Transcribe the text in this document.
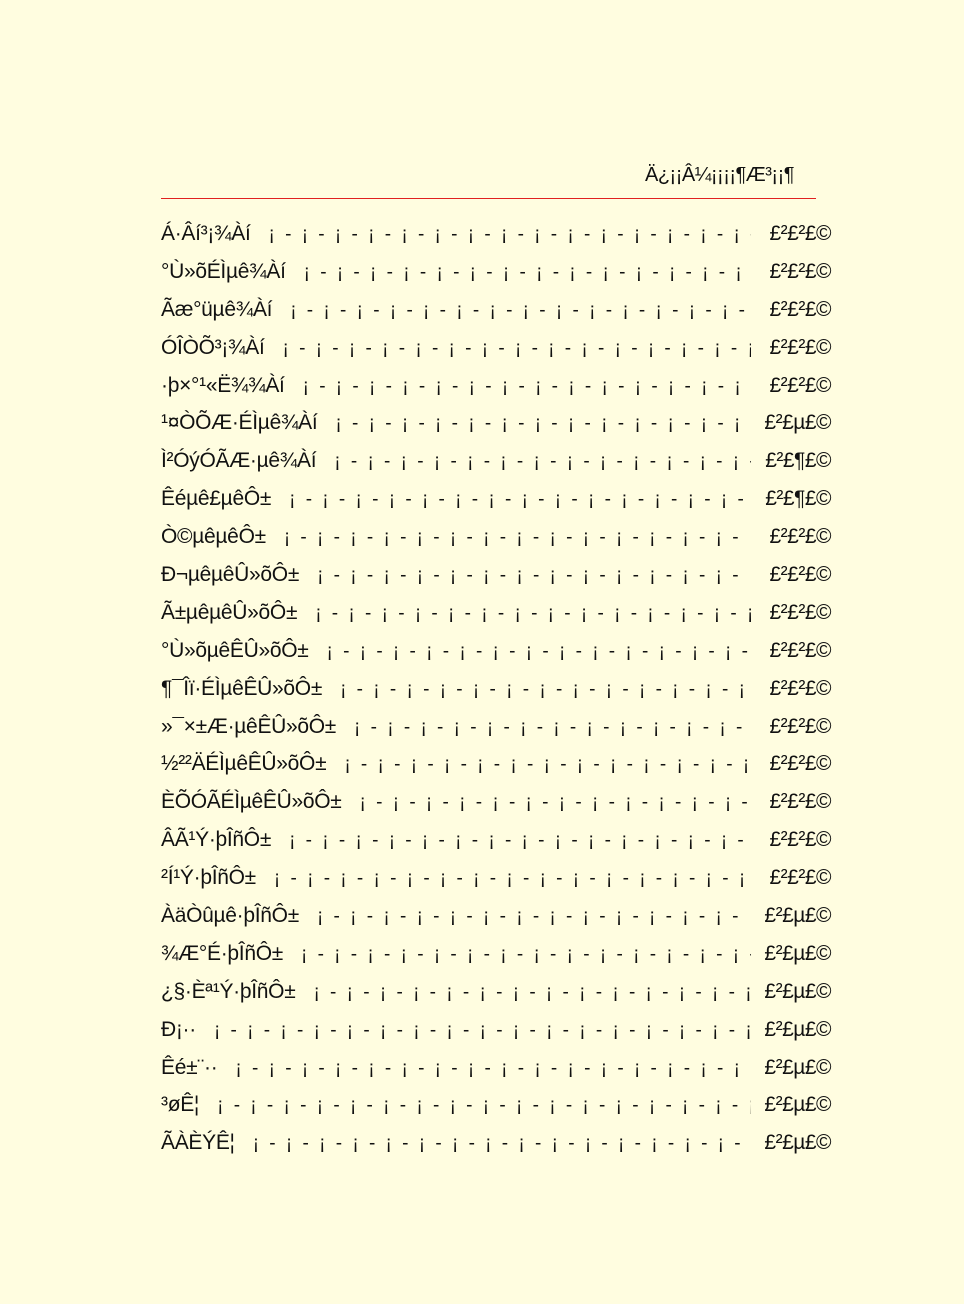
Ä¿¡¡Â¼¡¡¡¡¶Æ³¡¡¶
Á·Âí³¡¾Àí ¡ - ¡ - ¡ - ¡ - ¡ - ¡ - ¡ - ¡ - ¡ - ¡ - ¡ - ¡ - ¡ - ¡ - ¡ - ¡ - ¡ - ¡ - ¡ - ¡ - ¡ - ¡ - ¡ - ¡ - ¡ - ¡ - ¡ - ¡ - ¡ - ¡ - ¡ - ¡ -	£²£²£©
°Ù»õÉÌµê¾Àí ¡ - ¡ - ¡ - ¡ - ¡ - ¡ - ¡ - ¡ - ¡ - ¡ - ¡ - ¡ - ¡ - ¡ - ¡ - ¡ - ¡ - ¡ - ¡ - ¡ - ¡ - ¡ - ¡ - ¡ - ¡ - ¡ - ¡ - ¡ - ¡ - ¡ - ¡ - ¡ -	£²£²£©
Ãæ°üµê¾Àí ¡ - ¡ - ¡ - ¡ - ¡ - ¡ - ¡ - ¡ - ¡ - ¡ - ¡ - ¡ - ¡ - ¡ - ¡ - ¡ - ¡ - ¡ - ¡ - ¡ - ¡ - ¡ - ¡ - ¡ - ¡ - ¡ - ¡ - ¡ - ¡ - ¡ - ¡ - ¡ -	£²£²£©
ÓÎÒÕ³¡¾Àí ¡ - ¡ - ¡ - ¡ - ¡ - ¡ - ¡ - ¡ - ¡ - ¡ - ¡ - ¡ - ¡ - ¡ - ¡ - ¡ - ¡ - ¡ - ¡ - ¡ - ¡ - ¡ - ¡ - ¡ - ¡ - ¡ - ¡ - ¡ - ¡ - ¡ - ¡ - ¡ -	£²£²£©
·þ×°¹«Ë¾¾Àí ¡ - ¡ - ¡ - ¡ - ¡ - ¡ - ¡ - ¡ - ¡ - ¡ - ¡ - ¡ - ¡ - ¡ - ¡ - ¡ - ¡ - ¡ - ¡ - ¡ - ¡ - ¡ - ¡ - ¡ - ¡ - ¡ - ¡ - ¡ - ¡ - ¡ - ¡ - ¡ -	£²£²£©
¹¤ÒÕÆ·ÉÌµê¾Àí ¡ - ¡ - ¡ - ¡ - ¡ - ¡ - ¡ - ¡ - ¡ - ¡ - ¡ - ¡ - ¡ - ¡ - ¡ - ¡ - ¡ - ¡ - ¡ - ¡ - ¡ - ¡ - ¡ - ¡ - ¡ - ¡ - ¡ - ¡ - ¡ - ¡ - ¡ - ¡ -	£²£µ£©
Ì²ÓýÓÃÆ·µê¾Àí ¡ - ¡ - ¡ - ¡ - ¡ - ¡ - ¡ - ¡ - ¡ - ¡ - ¡ - ¡ - ¡ - ¡ - ¡ - ¡ - ¡ - ¡ - ¡ - ¡ - ¡ - ¡ - ¡ - ¡ - ¡ - ¡ - ¡ - ¡ - ¡ - ¡ - ¡ - ¡ -	£²£¶£©
Êéµê£µêÔ± ¡ - ¡ - ¡ - ¡ - ¡ - ¡ - ¡ - ¡ - ¡ - ¡ - ¡ - ¡ - ¡ - ¡ - ¡ - ¡ - ¡ - ¡ - ¡ - ¡ - ¡ - ¡ - ¡ - ¡ - ¡ - ¡ - ¡ - ¡ - ¡ - ¡ - ¡ - ¡ -	£²£¶£©
Ò©µêµêÔ± ¡ - ¡ - ¡ - ¡ - ¡ - ¡ - ¡ - ¡ - ¡ - ¡ - ¡ - ¡ - ¡ - ¡ - ¡ - ¡ - ¡ - ¡ - ¡ - ¡ - ¡ - ¡ - ¡ - ¡ - ¡ - ¡ - ¡ - ¡ - ¡ - ¡ - ¡ - ¡ -	£²£²£©
Ð¬µêµêÛ»õÔ± ¡ - ¡ - ¡ - ¡ - ¡ - ¡ - ¡ - ¡ - ¡ - ¡ - ¡ - ¡ - ¡ - ¡ - ¡ - ¡ - ¡ - ¡ - ¡ - ¡ - ¡ - ¡ - ¡ - ¡ - ¡ - ¡ - ¡ - ¡ - ¡ - ¡ - ¡ - ¡ -	£²£²£©
Ã±µêµêÛ»õÔ± ¡ - ¡ - ¡ - ¡ - ¡ - ¡ - ¡ - ¡ - ¡ - ¡ - ¡ - ¡ - ¡ - ¡ - ¡ - ¡ - ¡ - ¡ - ¡ - ¡ - ¡ - ¡ - ¡ - ¡ - ¡ - ¡ - ¡ - ¡ - ¡ - ¡ - ¡ - ¡ -	£²£²£©
°Ù»õµêÊÛ»õÔ± ¡ - ¡ - ¡ - ¡ - ¡ - ¡ - ¡ - ¡ - ¡ - ¡ - ¡ - ¡ - ¡ - ¡ - ¡ - ¡ - ¡ - ¡ - ¡ - ¡ - ¡ - ¡ - ¡ - ¡ - ¡ - ¡ - ¡ - ¡ - ¡ - ¡ - ¡ - ¡ -	£²£²£©
¶¯Îï·ÉÌµêÊÛ»õÔ± ¡ - ¡ - ¡ - ¡ - ¡ - ¡ - ¡ - ¡ - ¡ - ¡ - ¡ - ¡ - ¡ - ¡ - ¡ - ¡ - ¡ - ¡ - ¡ - ¡ - ¡ - ¡ - ¡ - ¡ - ¡ - ¡ - ¡ - ¡ - ¡ - ¡ - ¡ - ¡ -	£²£²£©
»¯×±Æ·µêÊÛ»õÔ± ¡ - ¡ - ¡ - ¡ - ¡ - ¡ - ¡ - ¡ - ¡ - ¡ - ¡ - ¡ - ¡ - ¡ - ¡ - ¡ - ¡ - ¡ - ¡ - ¡ - ¡ - ¡ - ¡ - ¡ - ¡ - ¡ - ¡ - ¡ - ¡ - ¡ - ¡ - ¡ -	£²£²£©
½²²ÄÉÌµêÊÛ»õÔ± ¡ - ¡ - ¡ - ¡ - ¡ - ¡ - ¡ - ¡ - ¡ - ¡ - ¡ - ¡ - ¡ - ¡ - ¡ - ¡ - ¡ - ¡ - ¡ - ¡ - ¡ - ¡ - ¡ - ¡ - ¡ - ¡ - ¡ - ¡ - ¡ - ¡ - ¡ - ¡ -	£²£²£©
ÈÕÓÃÉÌµêÊÛ»õÔ± ¡ - ¡ - ¡ - ¡ - ¡ - ¡ - ¡ - ¡ - ¡ - ¡ - ¡ - ¡ - ¡ - ¡ - ¡ - ¡ - ¡ - ¡ - ¡ - ¡ - ¡ - ¡ - ¡ - ¡ - ¡ - ¡ - ¡ - ¡ - ¡ - ¡ - ¡ - ¡ -	£²£²£©
ÂÃ¹Ý·þÎñÔ± ¡ - ¡ - ¡ - ¡ - ¡ - ¡ - ¡ - ¡ - ¡ - ¡ - ¡ - ¡ - ¡ - ¡ - ¡ - ¡ - ¡ - ¡ - ¡ - ¡ - ¡ - ¡ - ¡ - ¡ - ¡ - ¡ - ¡ - ¡ - ¡ - ¡ - ¡ - ¡ -	£²£²£©
²Í¹Ý·þÎñÔ± ¡ - ¡ - ¡ - ¡ - ¡ - ¡ - ¡ - ¡ - ¡ - ¡ - ¡ - ¡ - ¡ - ¡ - ¡ - ¡ - ¡ - ¡ - ¡ - ¡ - ¡ - ¡ - ¡ - ¡ - ¡ - ¡ - ¡ - ¡ - ¡ - ¡ - ¡ - ¡ -	£²£²£©
ÀäÒûµê·þÎñÔ± ¡ - ¡ - ¡ - ¡ - ¡ - ¡ - ¡ - ¡ - ¡ - ¡ - ¡ - ¡ - ¡ - ¡ - ¡ - ¡ - ¡ - ¡ - ¡ - ¡ - ¡ - ¡ - ¡ - ¡ - ¡ - ¡ - ¡ - ¡ - ¡ - ¡ - ¡ - ¡ -	£²£µ£©
¾Æ°É·þÎñÔ± ¡ - ¡ - ¡ - ¡ - ¡ - ¡ - ¡ - ¡ - ¡ - ¡ - ¡ - ¡ - ¡ - ¡ - ¡ - ¡ - ¡ - ¡ - ¡ - ¡ - ¡ - ¡ - ¡ - ¡ - ¡ - ¡ - ¡ - ¡ - ¡ - ¡ - ¡ - ¡ -	£²£µ£©
¿§·Èª¹Ý·þÎñÔ± ¡ - ¡ - ¡ - ¡ - ¡ - ¡ - ¡ - ¡ - ¡ - ¡ - ¡ - ¡ - ¡ - ¡ - ¡ - ¡ - ¡ - ¡ - ¡ - ¡ - ¡ - ¡ - ¡ - ¡ - ¡ - ¡ - ¡ - ¡ - ¡ - ¡ - ¡ - ¡ -	£²£µ£©
Ð¡·· ¡ - ¡ - ¡ - ¡ - ¡ - ¡ - ¡ - ¡ - ¡ - ¡ - ¡ - ¡ - ¡ - ¡ - ¡ - ¡ - ¡ - ¡ - ¡ - ¡ - ¡ - ¡ - ¡ - ¡ - ¡ - ¡ - ¡ - ¡ - ¡ - ¡ - ¡ - ¡ -	£²£µ£©
Êé±¨·· ¡ - ¡ - ¡ - ¡ - ¡ - ¡ - ¡ - ¡ - ¡ - ¡ - ¡ - ¡ - ¡ - ¡ - ¡ - ¡ - ¡ - ¡ - ¡ - ¡ - ¡ - ¡ - ¡ - ¡ - ¡ - ¡ - ¡ - ¡ - ¡ - ¡ - ¡ - ¡ -	£²£µ£©
³øÊ¦ ¡ - ¡ - ¡ - ¡ - ¡ - ¡ - ¡ - ¡ - ¡ - ¡ - ¡ - ¡ - ¡ - ¡ - ¡ - ¡ - ¡ - ¡ - ¡ - ¡ - ¡ - ¡ - ¡ - ¡ - ¡ - ¡ - ¡ - ¡ - ¡ - ¡ - ¡ - ¡ -	£²£µ£©
ÃÀÈÝÊ¦ ¡ - ¡ - ¡ - ¡ - ¡ - ¡ - ¡ - ¡ - ¡ - ¡ - ¡ - ¡ - ¡ - ¡ - ¡ - ¡ - ¡ - ¡ - ¡ - ¡ - ¡ - ¡ - ¡ - ¡ - ¡ - ¡ - ¡ - ¡ - ¡ - ¡ - ¡ - ¡ -	£²£µ£©
